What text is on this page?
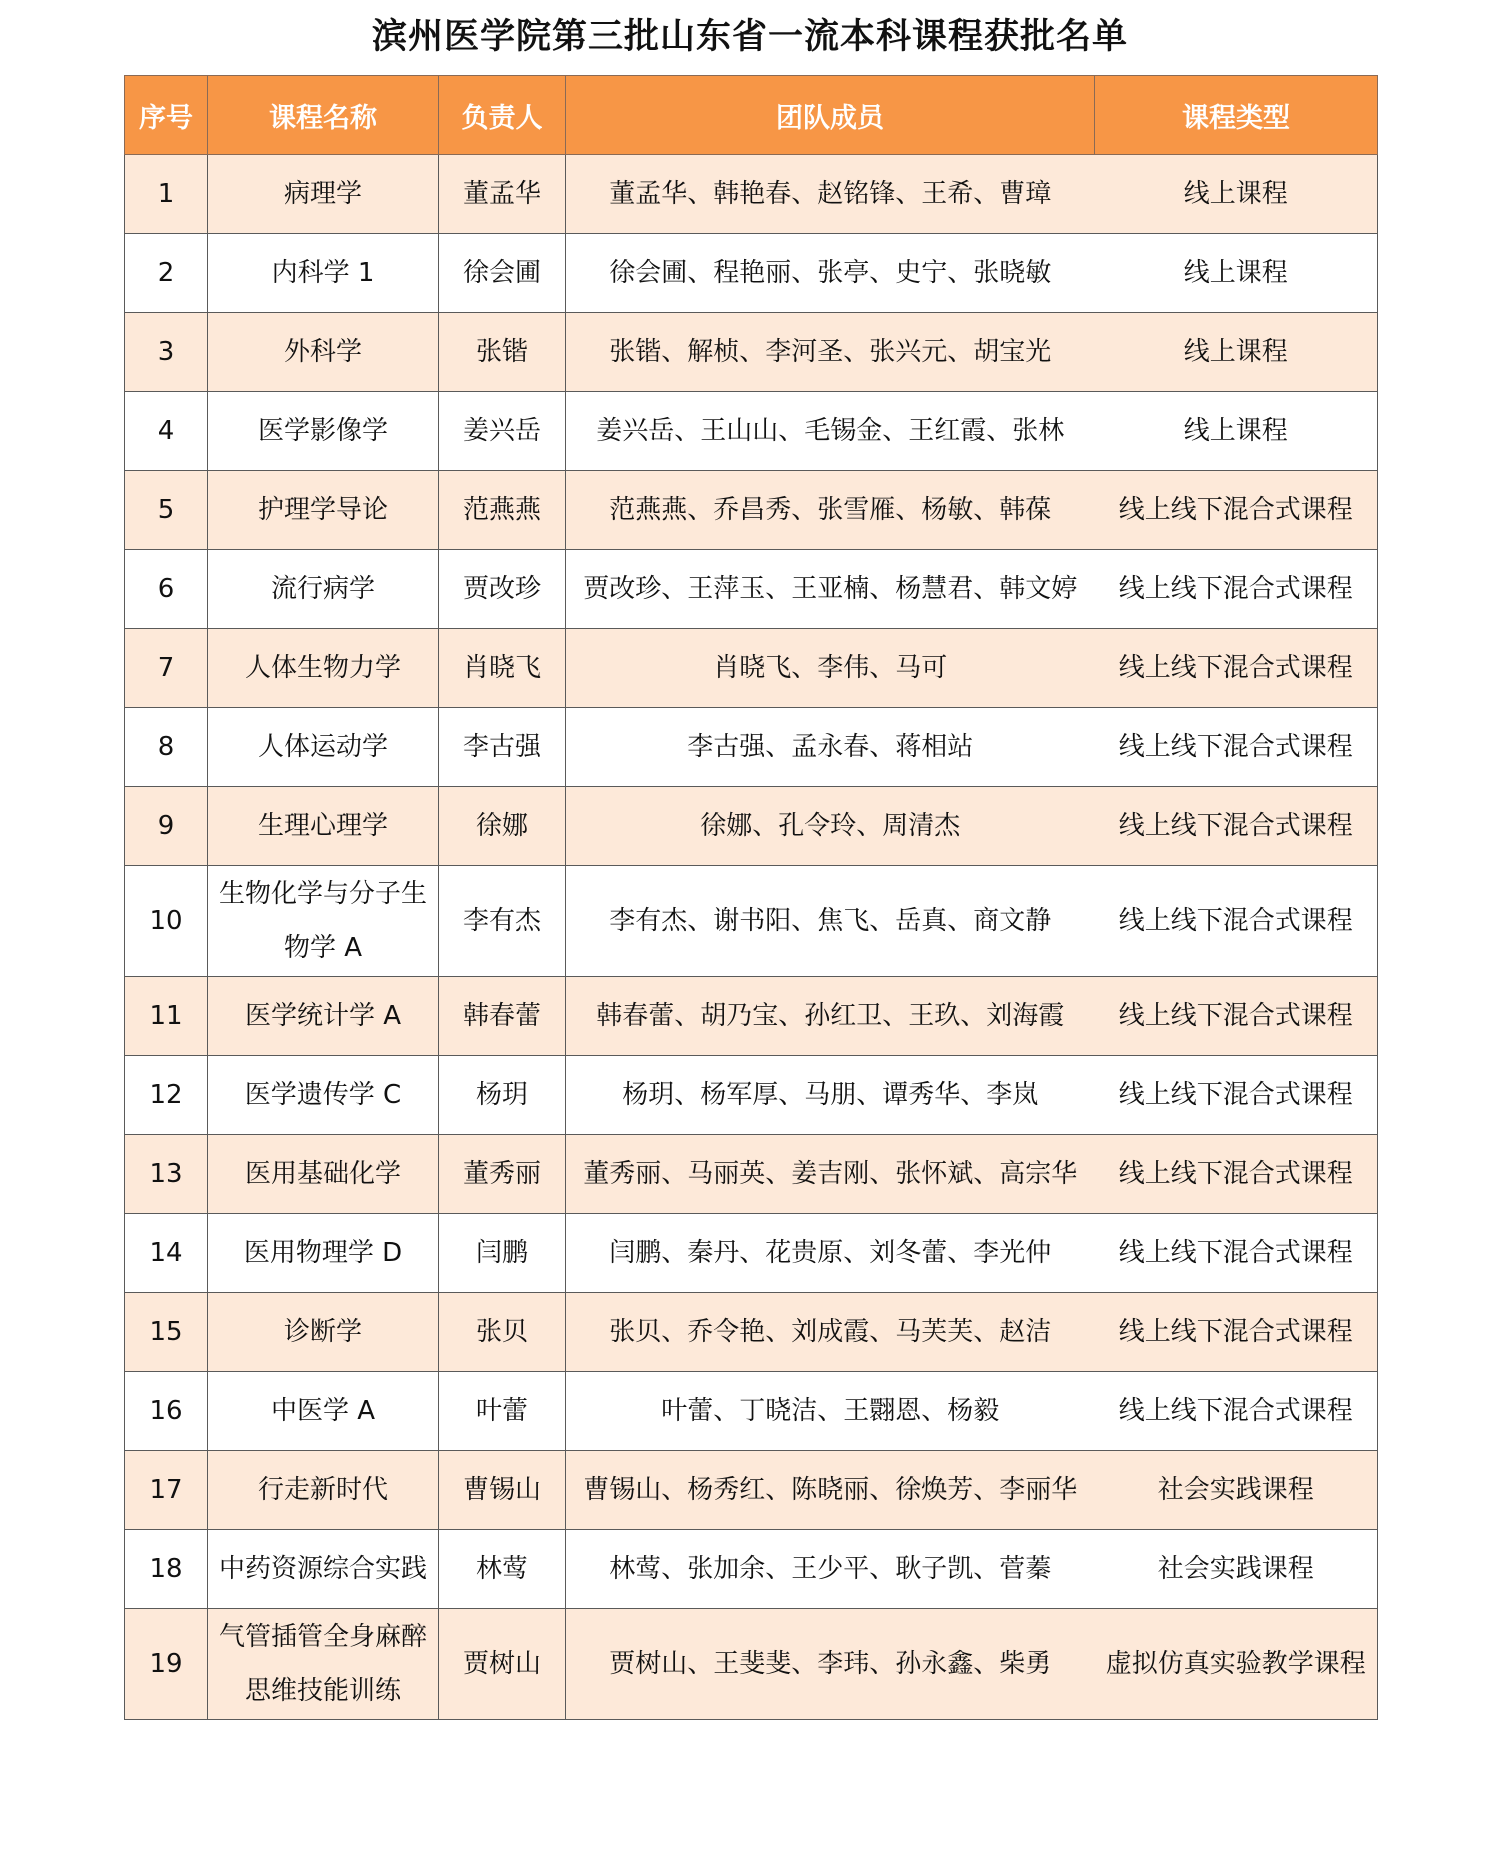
滨州医学院第三批山东省一流本科课程获批名单
序号	课程名称	负责人	团队成员	课程类型
1	病理学	董孟华	董孟华、韩艳春、赵铭锋、王希、曹璋	线上课程
2	内科学 1	徐会圃	徐会圃、程艳丽、张亭、史宁、张晓敏	线上课程
3	外科学	张锴	张锴、解桢、李河圣、张兴元、胡宝光	线上课程
4	医学影像学	姜兴岳	姜兴岳、王山山、毛锡金、王红霞、张林	线上课程
5	护理学导论	范燕燕	范燕燕、乔昌秀、张雪雁、杨敏、韩葆	线上线下混合式课程
6	流行病学	贾改珍	贾改珍、王萍玉、王亚楠、杨慧君、韩文婷	线上线下混合式课程
7	人体生物力学	肖晓飞	肖晓飞、李伟、马可	线上线下混合式课程
8	人体运动学	李古强	李古强、孟永春、蒋相站	线上线下混合式课程
9	生理心理学	徐娜	徐娜、孔令玲、周清杰	线上线下混合式课程
10	生物化学与分子生物学 A	李有杰	李有杰、谢书阳、焦飞、岳真、商文静	线上线下混合式课程
11	医学统计学 A	韩春蕾	韩春蕾、胡乃宝、孙红卫、王玖、刘海霞	线上线下混合式课程
12	医学遗传学 C	杨玥	杨玥、杨军厚、马朋、谭秀华、李岚	线上线下混合式课程
13	医用基础化学	董秀丽	董秀丽、马丽英、姜吉刚、张怀斌、高宗华	线上线下混合式课程
14	医用物理学 D	闫鹏	闫鹏、秦丹、花贵原、刘冬蕾、李光仲	线上线下混合式课程
15	诊断学	张贝	张贝、乔令艳、刘成霞、马芙芙、赵洁	线上线下混合式课程
16	中医学 A	叶蕾	叶蕾、丁晓洁、王翾恩、杨毅	线上线下混合式课程
17	行走新时代	曹锡山	曹锡山、杨秀红、陈晓丽、徐焕芳、李丽华	社会实践课程
18	中药资源综合实践	林莺	林莺、张加余、王少平、耿子凯、菅蓁	社会实践课程
19	气管插管全身麻醉思维技能训练	贾树山	贾树山、王斐斐、李玮、孙永鑫、柴勇	虚拟仿真实验教学课程
